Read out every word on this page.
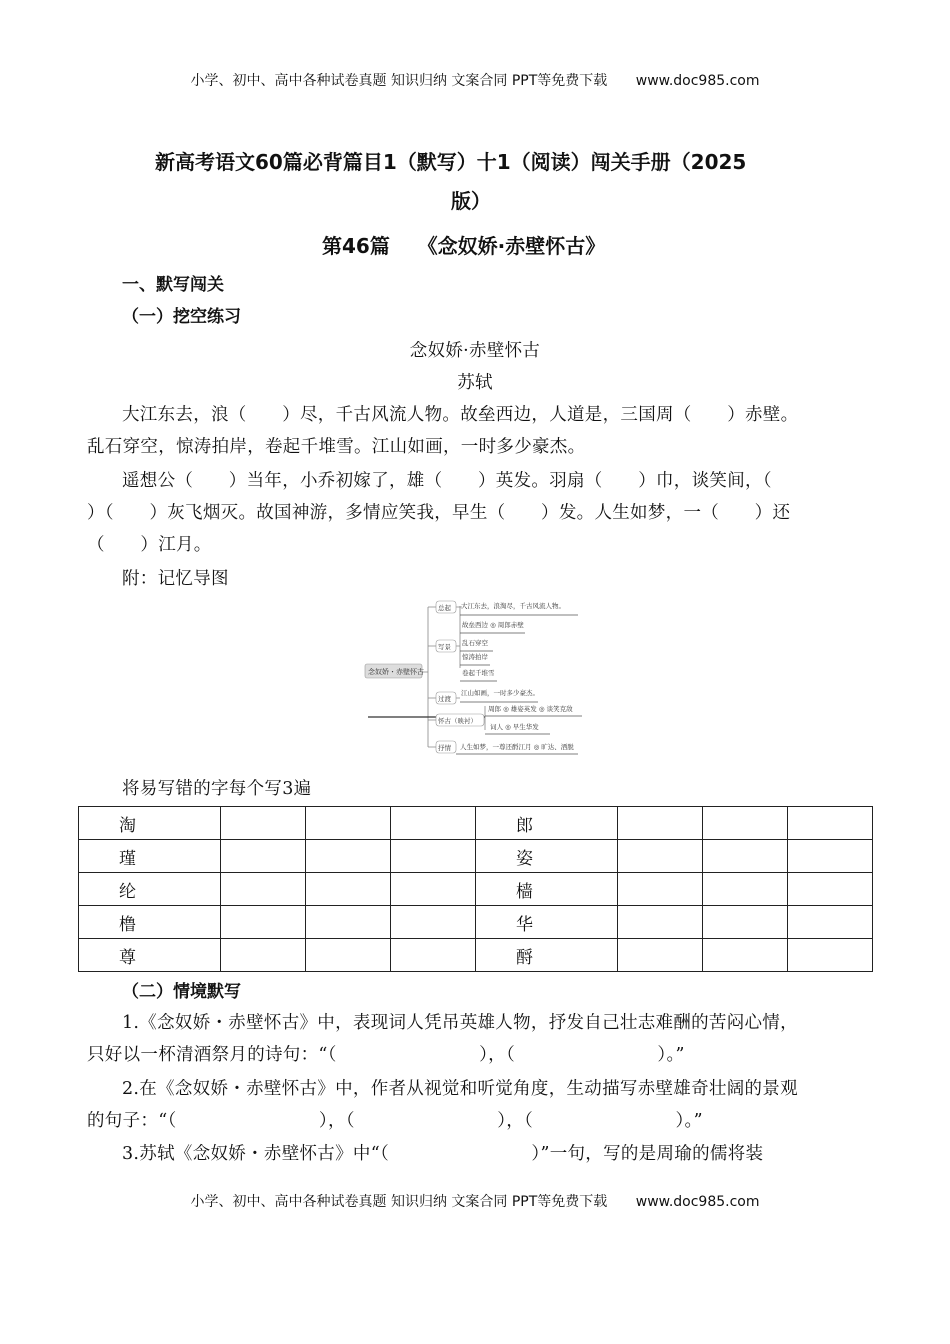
小学、初中、高中各种试卷真题 知识归纳 文案合同 PPT等免费下载 www.doc985.com
新高考语文60篇必背篇目1（默写）十1（阅读）闯关手册（2025
版）
第46篇    《念奴娇·赤壁怀古》
一、默写闯关
（一）挖空练习
念奴娇·赤壁怀古
苏轼
大江东去，浪（　　）尽，千古风流人物。故垒西边，人道是，三国周（　　）赤壁。
乱石穿空，惊涛拍岸，卷起千堆雪。江山如画，一时多少豪杰。
遥想公（　　）当年，小乔初嫁了，雄（　　）英发。羽扇（　　）巾，谈笑间，（
）（　　）灰飞烟灭。故国神游，多情应笑我，早生（　　）发。人生如梦，一（　　）还
（　　）江月。
附：记忆导图
念奴娇・赤壁怀古
总起 大江东去，浪淘尽，千古风流人物。
写景
故垒西边 ◎ 周郎赤壁
乱石穿空
惊涛拍岸
卷起千堆雪
过渡
江山如画，一时多少豪杰。
怀古（映衬）
周郎 ◎ 雄姿英发 ◎ 谈笑克敌
词人 ◎ 早生华发
抒情 人生如梦，一尊还酹江月 ◎ 旷达、洒脱
将易写错的字每个写3遍
淘				郎			
瑾				姿			
纶				樯			
橹				华			
尊				酹			
（二）情境默写
1.《念奴娇・赤壁怀古》中，表现词人凭吊英雄人物，抒发自己壮志难酬的苦闷心情，
只好以一杯清酒祭月的诗句：“（　　　　　　　　），（　　　　　　　　）。”
2.在《念奴娇・赤壁怀古》中，作者从视觉和听觉角度，生动描写赤壁雄奇壮阔的景观
的句子：“（　　　　　　　　），（　　　　　　　　），（　　　　　　　　）。”
3.苏轼《念奴娇・赤壁怀古》中“（　　　　　　　　）”一句，写的是周瑜的儒将装
小学、初中、高中各种试卷真题 知识归纳 文案合同 PPT等免费下载 www.doc985.com
